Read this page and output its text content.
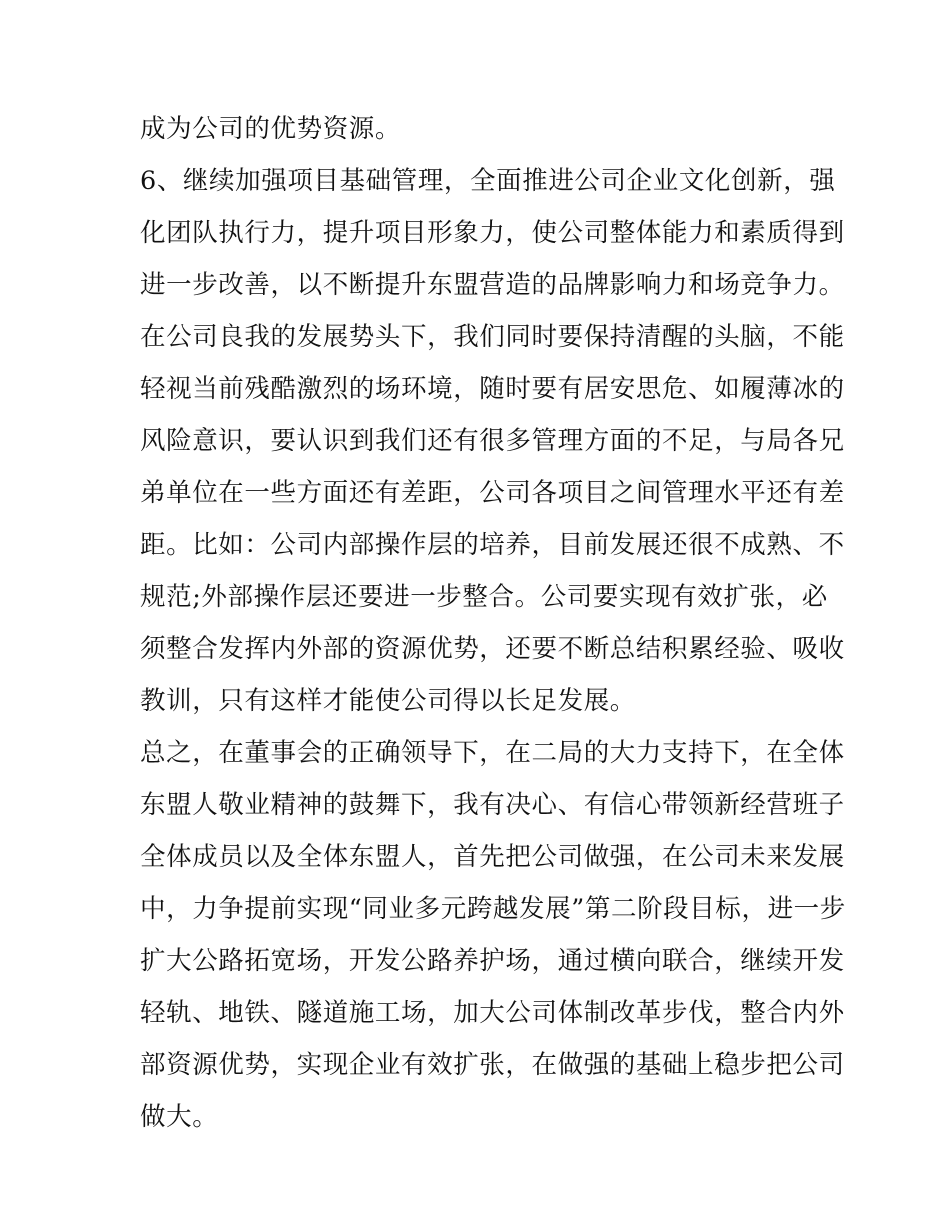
成为公司的优势资源。
6、继续加强项目基础管理，全面推进公司企业文化创新，强
化团队执行力，提升项目形象力，使公司整体能力和素质得到
进一步改善，以不断提升东盟营造的品牌影响力和场竞争力。
在公司良我的发展势头下，我们同时要保持清醒的头脑，不能
轻视当前残酷激烈的场环境，随时要有居安思危、如履薄冰的
风险意识，要认识到我们还有很多管理方面的不足，与局各兄
弟单位在一些方面还有差距，公司各项目之间管理水平还有差
距。比如：公司内部操作层的培养，目前发展还很不成熟、不
规范;外部操作层还要进一步整合。公司要实现有效扩张，必
须整合发挥内外部的资源优势，还要不断总结积累经验、吸收
教训，只有这样才能使公司得以长足发展。
总之，在董事会的正确领导下，在二局的大力支持下，在全体
东盟人敬业精神的鼓舞下，我有决心、有信心带领新经营班子
全体成员以及全体东盟人，首先把公司做强，在公司未来发展
中，力争提前实现“同业多元跨越发展”第二阶段目标，进一步
扩大公路拓宽场，开发公路养护场，通过横向联合，继续开发
轻轨、地铁、隧道施工场，加大公司体制改革步伐，整合内外
部资源优势，实现企业有效扩张，在做强的基础上稳步把公司
做大。
